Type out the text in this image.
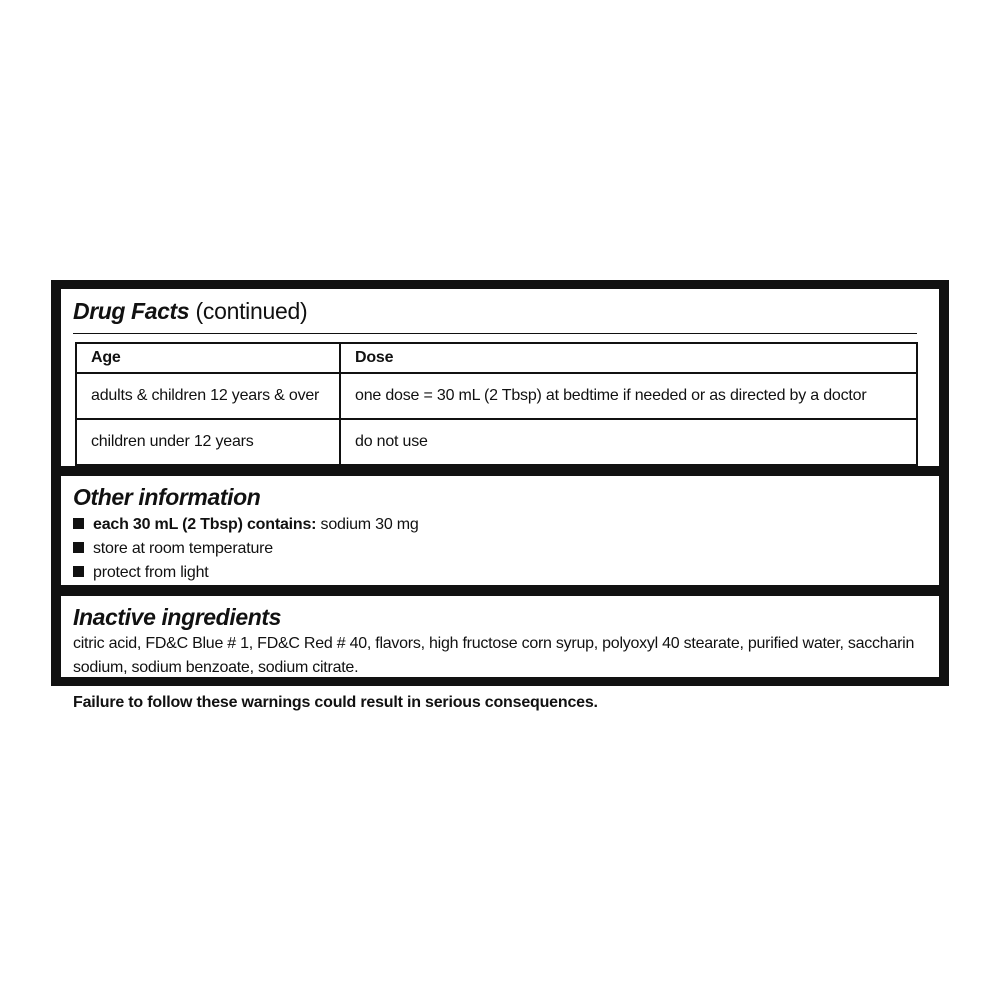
Drug Facts (continued)
Age	Dose
adults & children 12 years & over	one dose = 30 mL (2 Tbsp) at bedtime if needed or as directed by a doctor
children under 12 years	do not use
Other information
each 30 mL (2 Tbsp) contains: sodium 30 mg
store at room temperature
protect from light
Inactive ingredients
citric acid, FD&C Blue # 1, FD&C Red # 40, flavors, high fructose corn syrup, polyoxyl 40 stearate, purified water, saccharin sodium, sodium benzoate, sodium citrate.
Failure to follow these warnings could result in serious consequences.
